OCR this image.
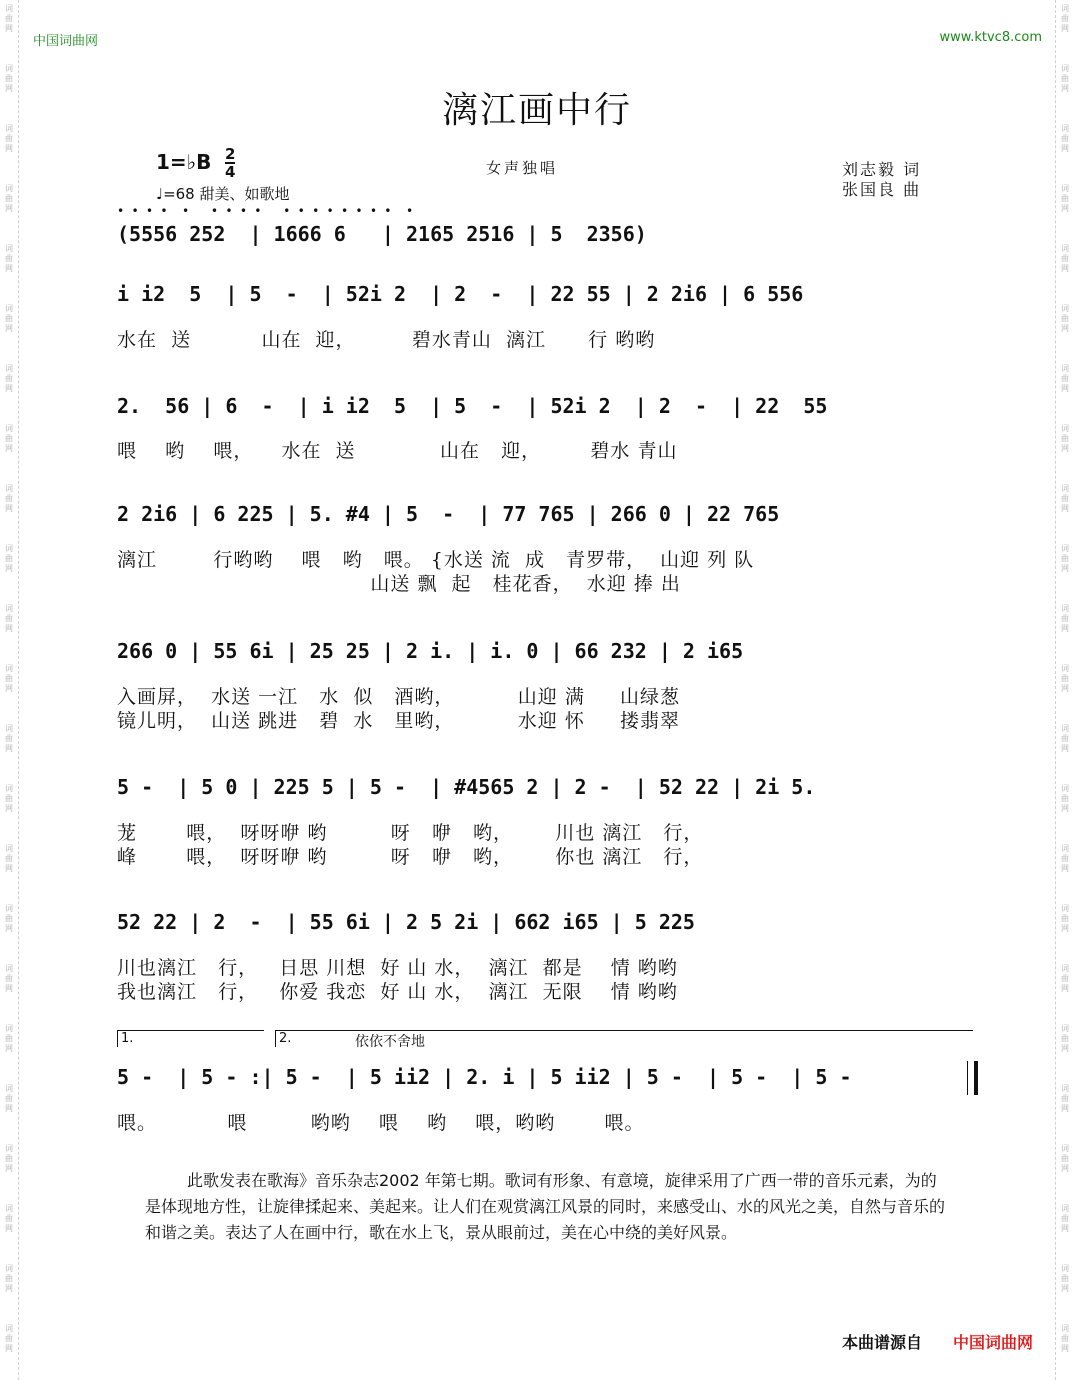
词曲网
词曲网
词曲网
词曲网
词曲网
词曲网
词曲网
词曲网
词曲网
词曲网
词曲网
词曲网
词曲网
词曲网
词曲网
词曲网
词曲网
词曲网
词曲网
词曲网
词曲网
词曲网
词曲网
词曲网
词曲网
词曲网
词曲网
词曲网
词曲网
词曲网
词曲网
词曲网
词曲网
词曲网
词曲网
词曲网
词曲网
词曲网
词曲网
词曲网
词曲网
词曲网
词曲网
词曲网
词曲网
词曲网
中国词曲网	www.ktvc8.com
漓江画中行
1=♭B 2
4
♩=68 甜美、如歌地
女声独唱	刘志毅 词
张国良 曲
• • • •  •   • • • •   • • • • • • • •  •
(5556 252  | 1666 6   | 2165 2516 | 5  2356)
i i2  5  | 5  -  | 52i 2  | 2  -  | 22 55 | 2 2i6 | 6 556
水在  送          山在  迎，        碧水青山  漓江      行 哟哟
2.  56 | 6  -  | i i2  5  | 5  -  | 52i 2  | 2  -  | 22  55
喂    哟    喂，    水在  送            山在   迎，       碧水 青山
2 2i6 | 6 225 | 5. #4 | 5  -  | 77 765 | 266 0 | 22 765
漓江        行哟哟    喂   哟   喂。 {水送 流  成   青罗带，  山迎 列 队
山送 飘  起   桂花香，  水迎 捧 出
266 0 | 55 6i | 25 25 | 2 i. | i. 0 | 66 232 | 2 i65
入画屏，  水送 一江   水  似   酒哟，         山迎 满     山绿葱
镜儿明，  山送 跳进   碧  水   里哟，         水迎 怀     搂翡翠
5 -  | 5 0 | 225 5 | 5 -  | #4565 2 | 2 -  | 52 22 | 2i 5.
茏       喂，  呀呀咿 哟         呀   咿   哟，      川也 漓江   行，
峰       喂，  呀呀咿 哟         呀   咿   哟，      你也 漓江   行，
52 22 | 2  -  | 55 6i | 2 5 2i | 662 i65 | 5 225
川也漓江   行，   日思 川想  好 山 水，  漓江  都是    情 哟哟
我也漓江   行，   你爱 我恋  好 山 水，  漓江  无限    情 哟哟
1.	2.	依依不舍地
5 -  | 5 - :| 5 -  | 5 ii2 | 2. i | 5 ii2 | 5 -  | 5 -  | 5 -
喂。          喂         哟哟    喂    哟    喂，哟哟       喂。
此歌发表在歌海》音乐杂志2002 年第七期。歌词有形象、有意境，旋律采用了广西一带的音乐元素，为的是体现地方性，让旋律揉起来、美起来。让人们在观赏漓江风景的同时，来感受山、水的风光之美，自然与音乐的和谐之美。表达了人在画中行，歌在水上飞，景从眼前过，美在心中绕的美好风景。
本曲谱源自 中国词曲网
